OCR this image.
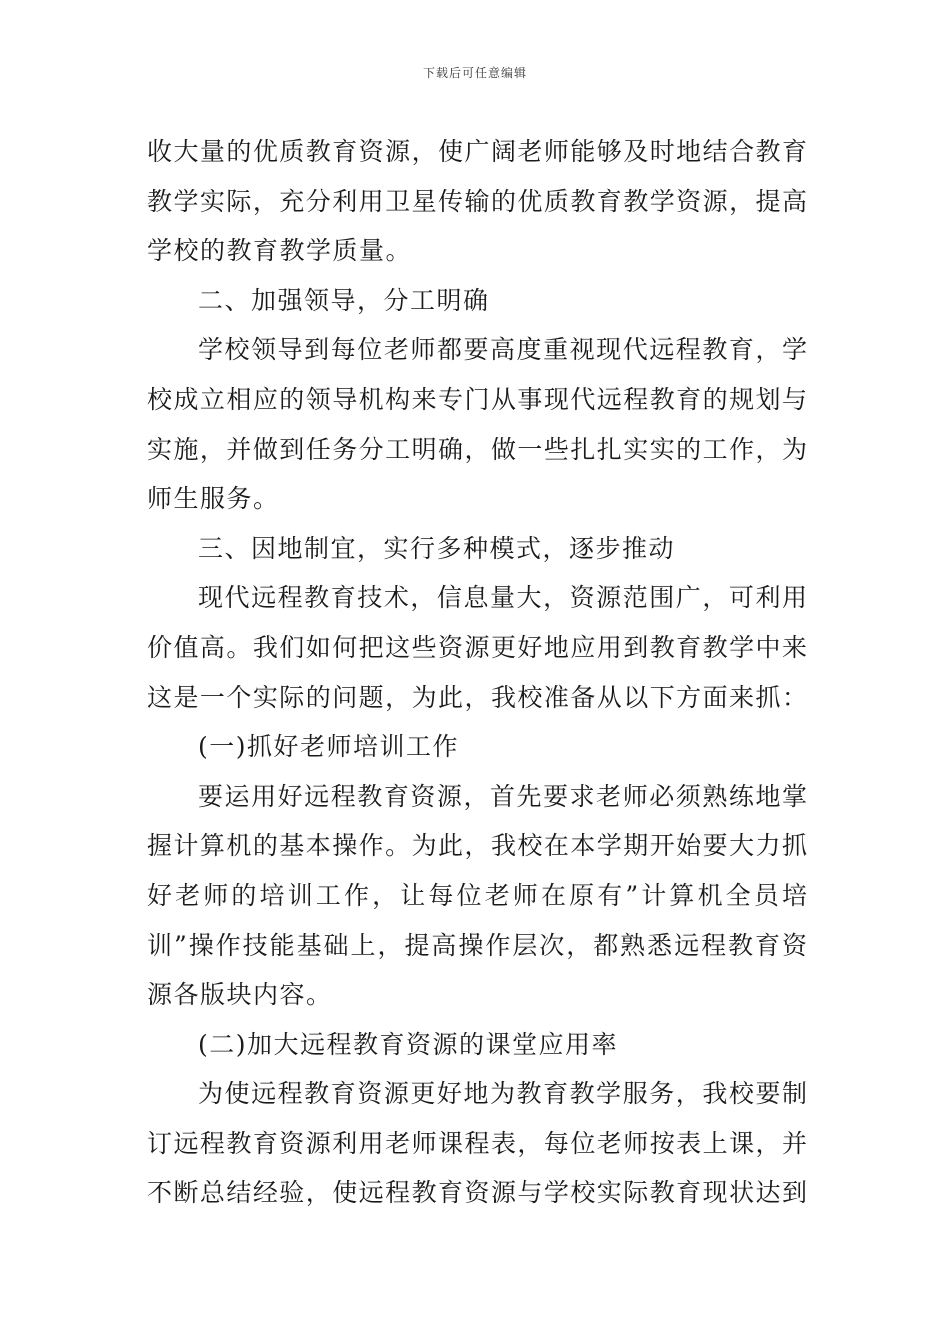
下载后可任意编辑
收大量的优质教育资源，使广阔老师能够及时地结合教育
教学实际，充分利用卫星传输的优质教育教学资源，提高
学校的教育教学质量。
二、加强领导，分工明确
学校领导到每位老师都要高度重视现代远程教育，学
校成立相应的领导机构来专门从事现代远程教育的规划与
实施，并做到任务分工明确，做一些扎扎实实的工作，为
师生服务。
三、因地制宜，实行多种模式，逐步推动
现代远程教育技术，信息量大，资源范围广，可利用
价值高。我们如何把这些资源更好地应用到教育教学中来
这是一个实际的问题，为此，我校准备从以下方面来抓：
(一)抓好老师培训工作
要运用好远程教育资源，首先要求老师必须熟练地掌
握计算机的基本操作。为此，我校在本学期开始要大力抓
好老师的培训工作，让每位老师在原有”计算机全员培
训”操作技能基础上，提高操作层次，都熟悉远程教育资
源各版块内容。
(二)加大远程教育资源的课堂应用率
为使远程教育资源更好地为教育教学服务，我校要制
订远程教育资源利用老师课程表，每位老师按表上课，并
不断总结经验，使远程教育资源与学校实际教育现状达到
